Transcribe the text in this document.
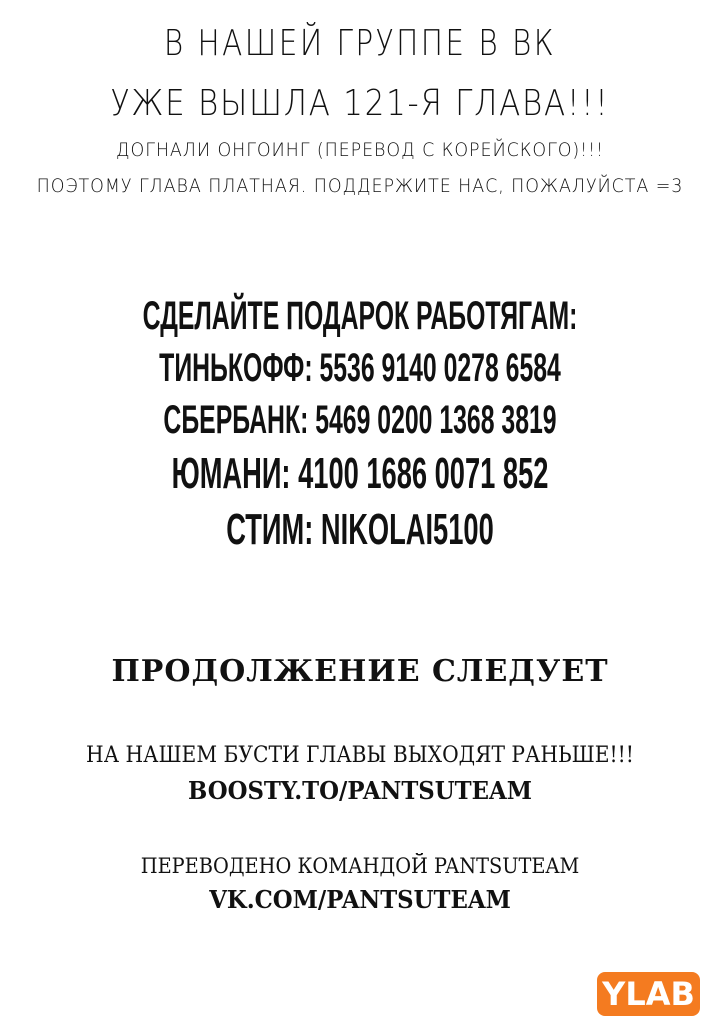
В НАШЕЙ ГРУППЕ В ВК
УЖЕ ВЫШЛА 121-Я ГЛАВА!!!
ДОГНАЛИ ОНГОИНГ (ПЕРЕВОД С КОРЕЙСКОГО)!!!
ПОЭТОМУ ГЛАВА ПЛАТНАЯ. ПОДДЕРЖИТЕ НАС, ПОЖАЛУЙСТА =3
СДЕЛАЙТЕ ПОДАРОК РАБОТЯГАМ:
ТИНЬКОФФ: 5536 9140 0278 6584
СБЕРБАНК: 5469 0200 1368 3819
ЮМАНИ: 4100 1686 0071 852
СТИМ: NIKOLAI5100
ПРОДОЛЖЕНИЕ СЛЕДУЕТ
НА НАШЕМ БУСТИ ГЛАВЫ ВЫХОДЯТ РАНЬШЕ!!!
BOOSTY.TO/PANTSUTEAM
ПЕРЕВОДЕНО КОМАНДОЙ PANTSUTEAM
VK.COM/PANTSUTEAM
YLAB
